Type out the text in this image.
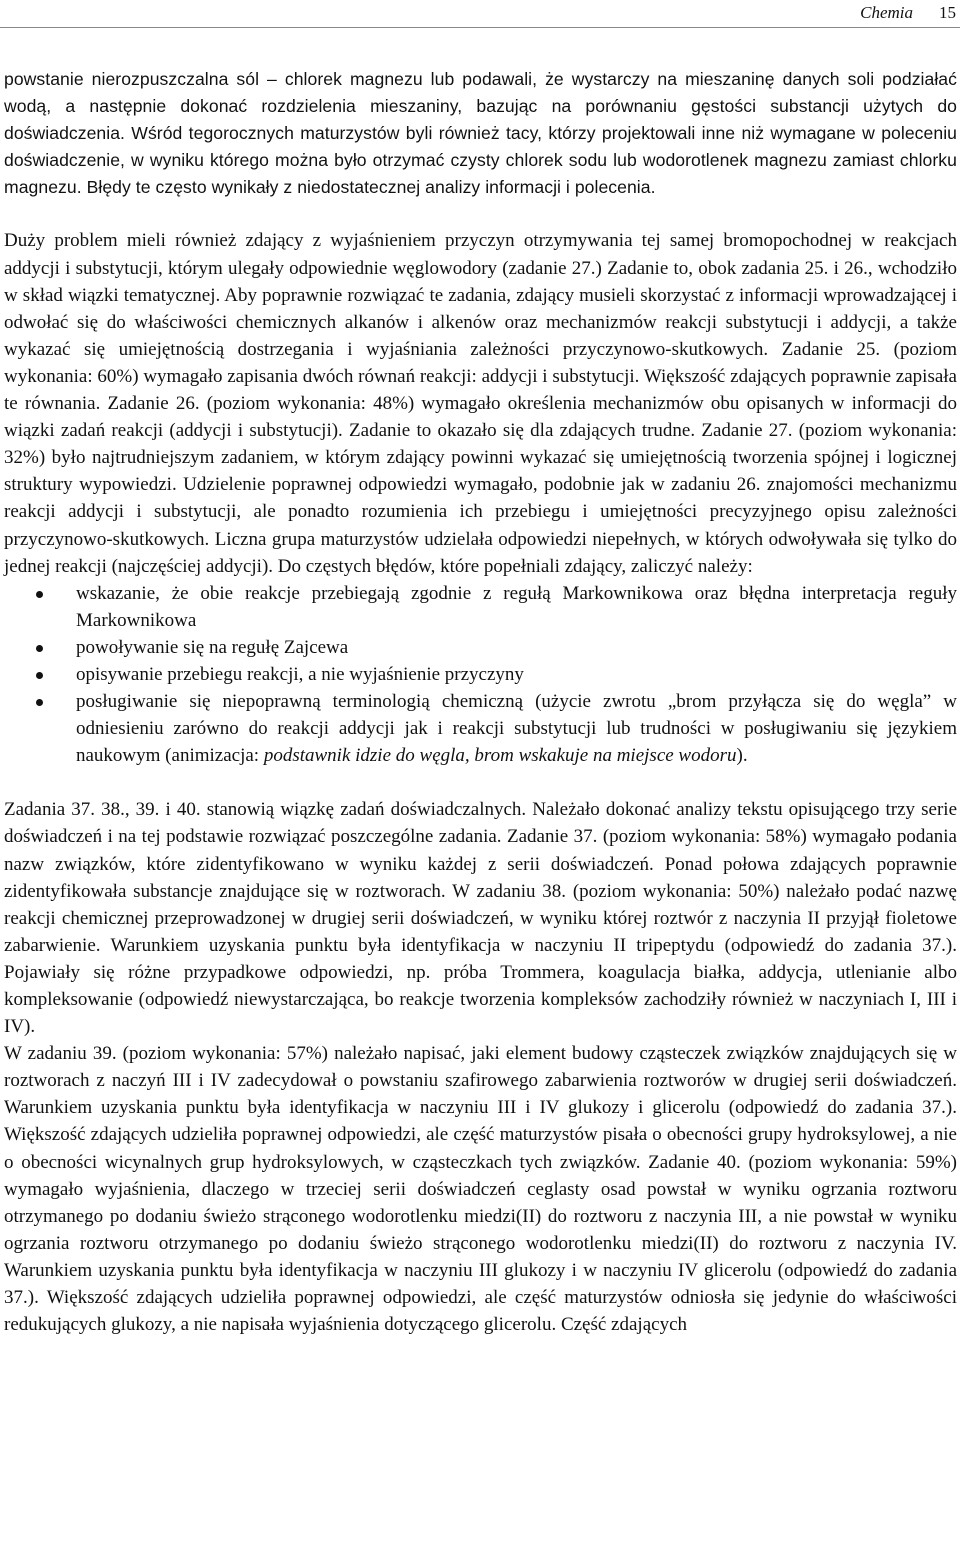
Chemia 15

powstanie nierozpuszczalna sól – chlorek magnezu lub podawali, że wystarczy na mieszaninę danych soli podziałać wodą, a następnie dokonać rozdzielenia mieszaniny, bazując na porównaniu gęstości substancji użytych do doświadczenia. Wśród tegorocznych maturzystów byli również tacy, którzy projektowali inne niż wymagane w poleceniu doświadczenie, w wyniku którego można było otrzymać czysty chlorek sodu lub wodorotlenek magnezu zamiast chlorku magnezu. Błędy te często wynikały z niedostatecznej analizy informacji i polecenia.

Duży problem mieli również zdający z wyjaśnieniem przyczyn otrzymywania tej samej bromopochodnej w reakcjach addycji i substytucji, którym ulegały odpowiednie węglowodory (zadanie 27.) Zadanie to, obok zadania 25. i 26., wchodziło w skład wiązki tematycznej. Aby poprawnie rozwiązać te zadania, zdający musieli skorzystać z informacji wprowadzającej i odwołać się do właściwości chemicznych alkanów i alkenów oraz mechanizmów reakcji substytucji i addycji, a także wykazać się umiejętnością dostrzegania i wyjaśniania zależności przyczynowo-skutkowych. Zadanie 25. (poziom wykonania: 60%) wymagało zapisania dwóch równań reakcji: addycji i substytucji. Większość zdających poprawnie zapisała te równania. Zadanie 26. (poziom wykonania: 48%) wymagało określenia mechanizmów obu opisanych w informacji do wiązki zadań reakcji (addycji i substytucji). Zadanie to okazało się dla zdających trudne. Zadanie 27. (poziom wykonania: 32%) było najtrudniejszym zadaniem, w którym zdający powinni wykazać się umiejętnością tworzenia spójnej i logicznej struktury wypowiedzi. Udzielenie poprawnej odpowiedzi wymagało, podobnie jak w zadaniu 26. znajomości mechanizmu reakcji addycji i substytucji, ale ponadto rozumienia ich przebiegu i umiejętności precyzyjnego opisu zależności przyczynowo-skutkowych. Liczna grupa maturzystów udzielała odpowiedzi niepełnych, w których odwoływała się tylko do jednej reakcji (najczęściej addycji). Do częstych błędów, które popełniali zdający, zaliczyć należy:

wskazanie, że obie reakcje przebiegają zgodnie z regułą Markownikowa oraz błędna interpretacja reguły Markownikowa
powoływanie się na regułę Zajcewa
opisywanie przebiegu reakcji, a nie wyjaśnienie przyczyny
posługiwanie się niepoprawną terminologią chemiczną (użycie zwrotu „brom przyłącza się do węgla” w odniesieniu zarówno do reakcji addycji jak i reakcji substytucji lub trudności w posługiwaniu się językiem naukowym (animizacja: podstawnik idzie do węgla, brom wskakuje na miejsce wodoru).

Zadania 37. 38., 39. i 40. stanowią wiązkę zadań doświadczalnych. Należało dokonać analizy tekstu opisującego trzy serie doświadczeń i na tej podstawie rozwiązać poszczególne zadania. Zadanie 37. (poziom wykonania: 58%) wymagało podania nazw związków, które zidentyfikowano w wyniku każdej z serii doświadczeń. Ponad połowa zdających poprawnie zidentyfikowała substancje znajdujące się w roztworach. W zadaniu 38. (poziom wykonania: 50%) należało podać nazwę reakcji chemicznej przeprowadzonej w drugiej serii doświadczeń, w wyniku której roztwór z naczynia II przyjął fioletowe zabarwienie. Warunkiem uzyskania punktu była identyfikacja w naczyniu II tripeptydu (odpowiedź do zadania 37.). Pojawiały się różne przypadkowe odpowiedzi, np. próba Trommera, koagulacja białka, addycja, utlenianie albo kompleksowanie (odpowiedź niewystarczająca, bo reakcje tworzenia kompleksów zachodziły również w naczyniach I, III i IV).

W zadaniu 39. (poziom wykonania: 57%) należało napisać, jaki element budowy cząsteczek związków znajdujących się w roztworach z naczyń III i IV zadecydował o powstaniu szafirowego zabarwienia roztworów w drugiej serii doświadczeń. Warunkiem uzyskania punktu była identyfikacja w naczyniu III i IV glukozy i glicerolu (odpowiedź do zadania 37.). Większość zdających udzieliła poprawnej odpowiedzi, ale część maturzystów pisała o obecności grupy hydroksylowej, a nie o obecności wicynalnych grup hydroksylowych, w cząsteczkach tych związków. Zadanie 40. (poziom wykonania: 59%) wymagało wyjaśnienia, dlaczego w trzeciej serii doświadczeń ceglasty osad powstał w wyniku ogrzania roztworu otrzymanego po dodaniu świeżo strąconego wodorotlenku miedzi(II) do roztworu z naczynia III, a nie powstał w wyniku ogrzania roztworu otrzymanego po dodaniu świeżo strąconego wodorotlenku miedzi(II) do roztworu z naczynia IV. Warunkiem uzyskania punktu była identyfikacja w naczyniu III glukozy i w naczyniu IV glicerolu (odpowiedź do zadania 37.). Większość zdających udzieliła poprawnej odpowiedzi, ale część maturzystów odniosła się jedynie do właściwości redukujących glukozy, a nie napisała wyjaśnienia dotyczącego glicerolu. Część zdających
